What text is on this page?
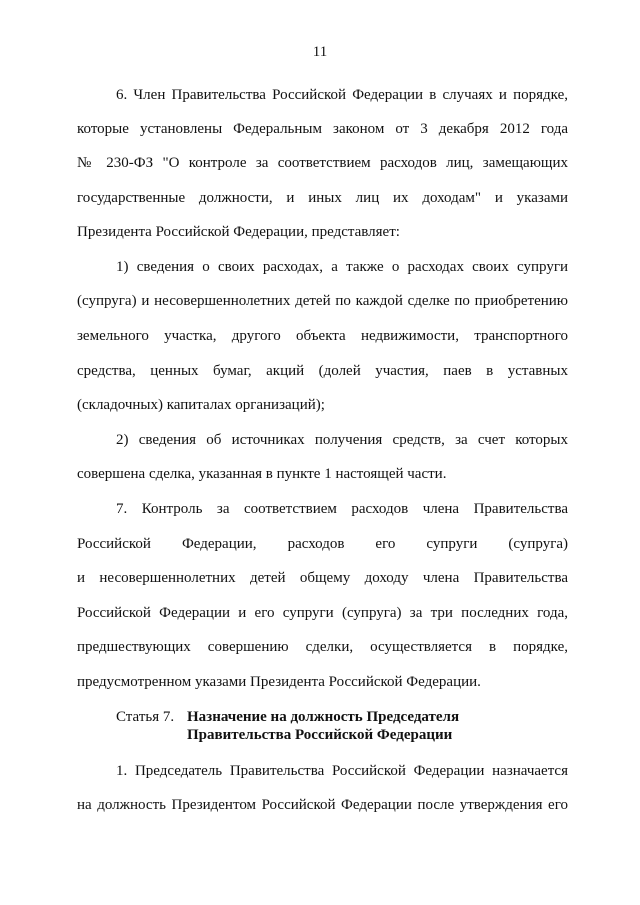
11
6. Член Правительства Российской Федерации в случаях и порядке,
которые установлены Федеральным законом от 3 декабря 2012 года
№ 230-ФЗ "О контроле за соответствием расходов лиц, замещающих
государственные должности, и иных лиц их доходам" и указами
Президента Российской Федерации, представляет:
1) сведения о своих расходах, а также о расходах своих супруги
(супруга) и несовершеннолетних детей по каждой сделке по приобретению
земельного участка, другого объекта недвижимости, транспортного
средства, ценных бумаг, акций (долей участия, паев в уставных
(складочных) капиталах организаций);
2) сведения об источниках получения средств, за счет которых
совершена сделка, указанная в пункте 1 настоящей части.
7. Контроль за соответствием расходов члена Правительства
Российской Федерации, расходов его супруги (супруга)
и несовершеннолетних детей общему доходу члена Правительства
Российской Федерации и его супруги (супруга) за три последних года,
предшествующих совершению сделки, осуществляется в порядке,
предусмотренном указами Президента Российской Федерации.
Статья 7. Назначение на должность Председателя
Правительства Российской Федерации
1. Председатель Правительства Российской Федерации назначается
на должность Президентом Российской Федерации после утверждения его
